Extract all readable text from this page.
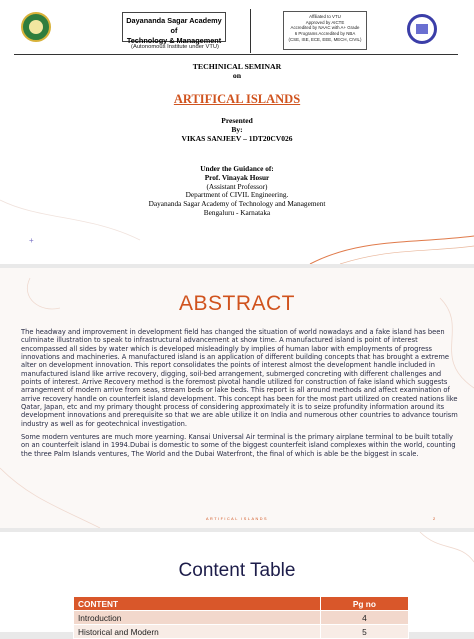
Dayananda Sagar Academy of
Technology & Management
(Autonomous Institute under VTU)
Affiliated to VTU
Approved by AICTE
Accredited by NAAC with A+ Grade
6 Programs Accredited by NBA
(CSE, ISE, ECE, EEE, MECH, CIVIL)
TECHINICAL SEMINAR
on
ARTIFICAL ISLANDS
Presented
By:
VIKAS SANJEEV – 1DT20CV026
Under the Guidance of:
Prof. Vinayak Hosur
(Assistant Professor)
Department of CIVIL Engineering.
Dayananda Sagar Academy of Technology and Management
Bengaluru - Karnataka
+
ABSTRACT

The headway and improvement in development field has changed the situation of world nowadays and a fake island has been culminate illustration to speak to infrastructural advancement at show time. A manufactured island is point of interest encompassed all sides by water which is developed misleadingly by implies of human labor with employments of progress innovations and machineries. A manufactured island is an application of different building concepts that has brought a extreme alter on development innovation. This report consolidates the points of interest almost the development handle included in manufactured island like arrive recovery, digging, soil-bed arrangement, submerged concreting with different challenges and points of interest. Arrive Recovery method is the foremost pivotal handle utilized for construction of fake island which suggests arrangement of modern arrive from seas, stream beds or lake beds. This report is all around methods and affect examination of arrive recovery handle on counterfeit island development. This concept has been for the most part utilized on created nations like Qatar, Japan, etc and my primary thought process of considering approximately it is to seize profundity information around its development innovations and prerequisite so that we are able utilize it on India and numerous other countries to advance tourism industry as well as for geotechnical investigation.

Some modern ventures are much more yearning. Kansai Universal Air terminal is the primary airplane terminal to be built totally on an counterfeit island in 1994.Dubai is domestic to some of the biggest counterfeit island complexes within the world, counting the three Palm Islands ventures, The World and the Dubai Waterfront, the final of which is able be the biggest in scale.

ARTIFICAL ISLANDS	2
Content Table
CONTENT	Pg no
Introduction	4
Historical and Modern	5
